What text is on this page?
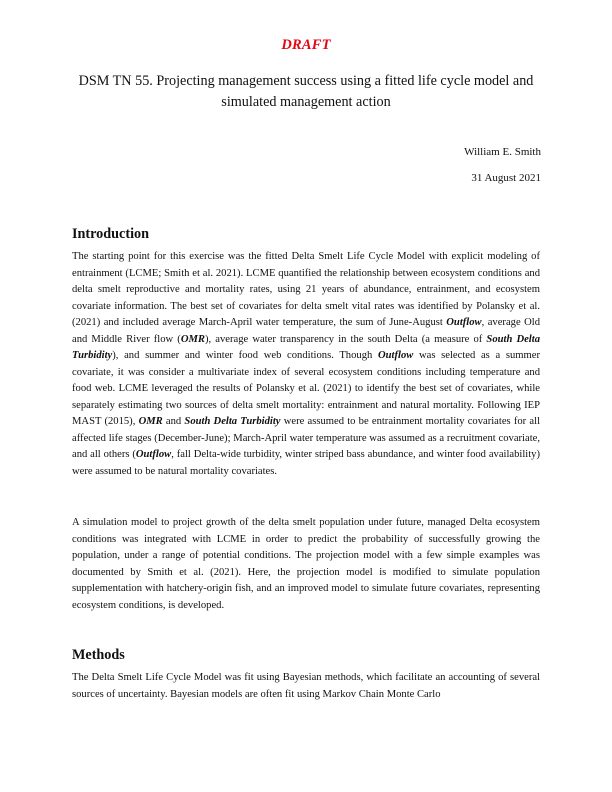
DRAFT
DSM TN 55. Projecting management success using a fitted life cycle model and simulated management action
William E. Smith
31 August 2021
Introduction
The starting point for this exercise was the fitted Delta Smelt Life Cycle Model with explicit modeling of entrainment (LCME; Smith et al. 2021). LCME quantified the relationship between ecosystem conditions and delta smelt reproductive and mortality rates, using 21 years of abundance, entrainment, and ecosystem covariate information. The best set of covariates for delta smelt vital rates was identified by Polansky et al. (2021) and included average March-April water temperature, the sum of June-August Outflow, average Old and Middle River flow (OMR), average water transparency in the south Delta (a measure of South Delta Turbidity), and summer and winter food web conditions. Though Outflow was selected as a summer covariate, it was consider a multivariate index of several ecosystem conditions including temperature and food web. LCME leveraged the results of Polansky et al. (2021) to identify the best set of covariates, while separately estimating two sources of delta smelt mortality: entrainment and natural mortality. Following IEP MAST (2015), OMR and South Delta Turbidity were assumed to be entrainment mortality covariates for all affected life stages (December-June); March-April water temperature was assumed as a recruitment covariate, and all others (Outflow, fall Delta-wide turbidity, winter striped bass abundance, and winter food availability) were assumed to be natural mortality covariates.
A simulation model to project growth of the delta smelt population under future, managed Delta ecosystem conditions was integrated with LCME in order to predict the probability of successfully growing the population, under a range of potential conditions. The projection model with a few simple examples was documented by Smith et al. (2021). Here, the projection model is modified to simulate population supplementation with hatchery-origin fish, and an improved model to simulate future covariates, representing ecosystem conditions, is developed.
Methods
The Delta Smelt Life Cycle Model was fit using Bayesian methods, which facilitate an accounting of several sources of uncertainty. Bayesian models are often fit using Markov Chain Monte Carlo
